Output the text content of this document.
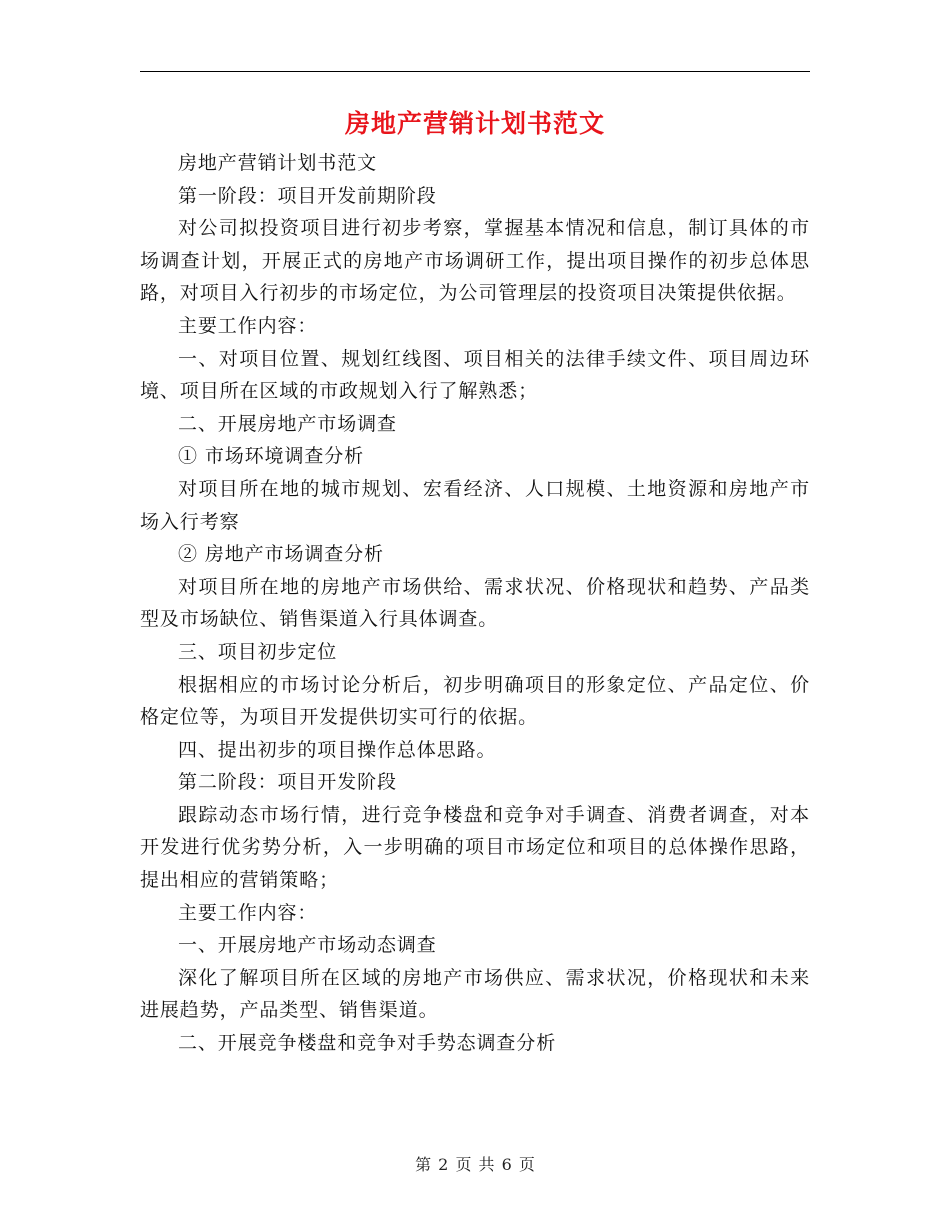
房地产营销计划书范文

房地产营销计划书范文

第一阶段：项目开发前期阶段

对公司拟投资项目进行初步考察，掌握基本情况和信息，制订具体的市场调查计划，开展正式的房地产市场调研工作，提出项目操作的初步总体思路，对项目入行初步的市场定位，为公司管理层的投资项目决策提供依据。

主要工作内容：

一、对项目位置、规划红线图、项目相关的法律手续文件、项目周边环境、项目所在区域的市政规划入行了解熟悉；

二、开展房地产市场调查

① 市场环境调查分析

对项目所在地的城市规划、宏看经济、人口规模、土地资源和房地产市场入行考察

② 房地产市场调查分析

对项目所在地的房地产市场供给、需求状况、价格现状和趋势、产品类型及市场缺位、销售渠道入行具体调查。

三、项目初步定位

根据相应的市场讨论分析后，初步明确项目的形象定位、产品定位、价格定位等，为项目开发提供切实可行的依据。

四、提出初步的项目操作总体思路。

第二阶段：项目开发阶段

跟踪动态市场行情，进行竞争楼盘和竞争对手调查、消费者调查，对本开发进行优劣势分析，入一步明确的项目市场定位和项目的总体操作思路，提出相应的营销策略；

主要工作内容：

一、开展房地产市场动态调查

深化了解项目所在区域的房地产市场供应、需求状况，价格现状和未来进展趋势，产品类型、销售渠道。

二、开展竞争楼盘和竞争对手势态调查分析

第 2 页 共 6 页
